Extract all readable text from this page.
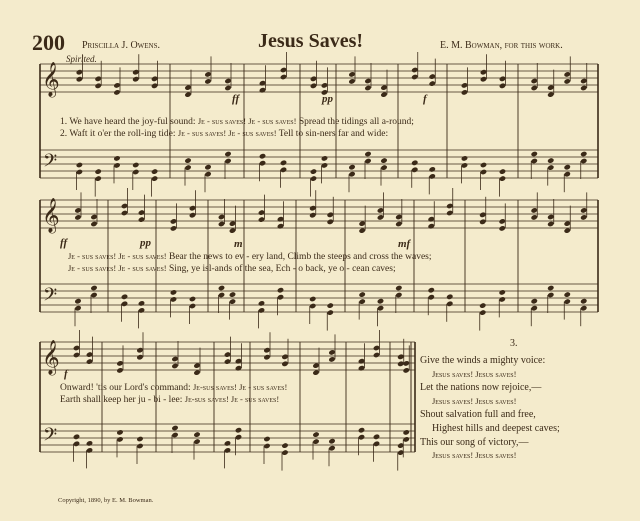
𝄞
𝄢
𝄞
𝄢
𝄞
𝄢
200 Priscilla J. Owens.	Jesus Saves!	E. M. Bowman, for this work.
Spirited.
ff	pp	f
1. We have heard the joy-ful sound: Je - sus saves! Je - sus saves! Spread the tidings all a-round;
2. Waft it o'er the roll-ing tide: Je - sus saves! Je - sus saves! Tell to sin-ners far and wide:
ff	pp	m	mf
Je - sus saves! Je - sus saves! Bear the news to ev - ery land, Climb the steeps and cross the waves;
Je - sus saves! Je - sus saves! Sing, ye isl-ands of the sea, Ech - o back, ye o - cean caves;
f
Onward! 'tis our Lord's command: Je-sus saves! Je - sus saves!
Earth shall keep her ju - bi - lee: Je-sus saves! Je - sus saves!
3.
Give the winds a mighty voice:
Jesus saves! Jesus saves!
Let the nations now rejoice,—
Jesus saves! Jesus saves!
Shout salvation full and free,
Highest hills and deepest caves;
This our song of victory,—
Jesus saves! Jesus saves!
Copyright, 1890, by E. M. Bowman.
